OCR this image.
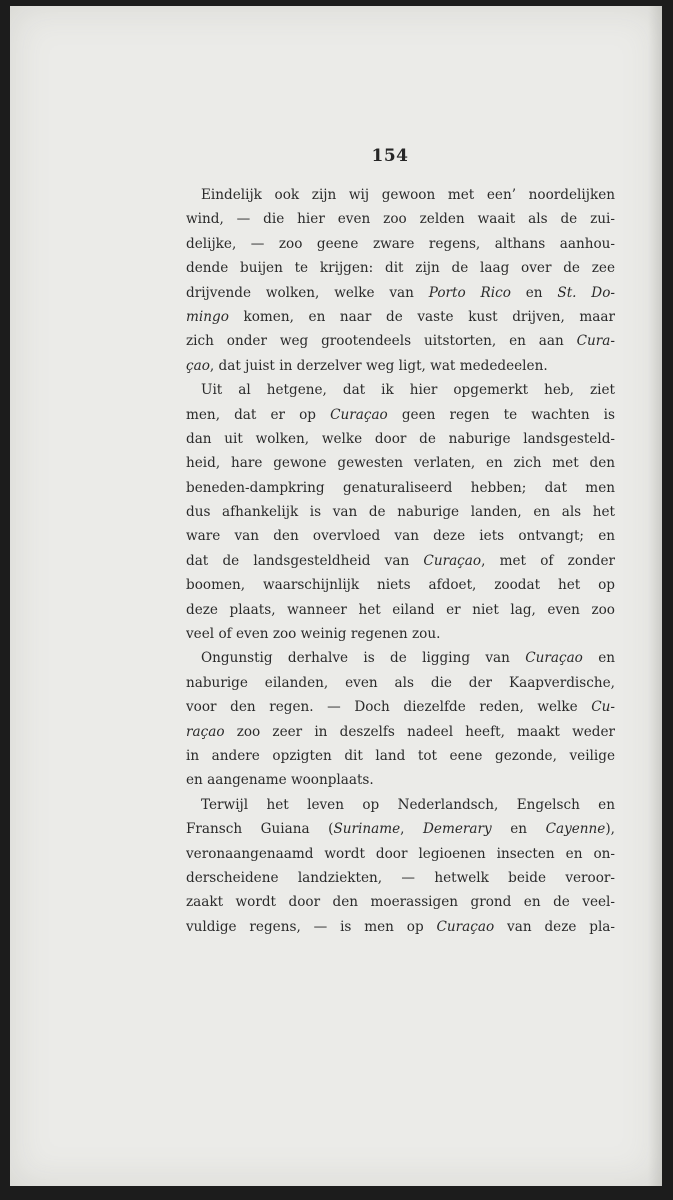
154
Eindelijk ook zijn wij gewoon met een’ noordelijken
wind, — die hier even zoo zelden waait als de zui-
delijke, — zoo geene zware regens, althans aanhou-
dende buijen te krijgen: dit zijn de laag over de zee
drijvende wolken, welke van Porto Rico en St. Do-
mingo komen, en naar de vaste kust drijven, maar
zich onder weg grootendeels uitstorten, en aan Cura-
çao, dat juist in derzelver weg ligt, wat mededeelen.
Uit al hetgene, dat ik hier opgemerkt heb, ziet
men, dat er op Curaçao geen regen te wachten is
dan uit wolken, welke door de naburige landsgesteld-
heid, hare gewone gewesten verlaten, en zich met den
beneden-dampkring genaturaliseerd hebben; dat men
dus afhankelijk is van de naburige landen, en als het
ware van den overvloed van deze iets ontvangt; en
dat de landsgesteldheid van Curaçao, met of zonder
boomen, waarschijnlijk niets afdoet, zoodat het op
deze plaats, wanneer het eiland er niet lag, even zoo
veel of even zoo weinig regenen zou.
Ongunstig derhalve is de ligging van Curaçao en
naburige eilanden, even als die der Kaapverdische,
voor den regen. — Doch diezelfde reden, welke Cu-
raçao zoo zeer in deszelfs nadeel heeft, maakt weder
in andere opzigten dit land tot eene gezonde, veilige
en aangename woonplaats.
Terwijl het leven op Nederlandsch, Engelsch en
Fransch Guiana (Suriname, Demerary en Cayenne),
veronaangenaamd wordt door legioenen insecten en on-
derscheidene landziekten, — hetwelk beide veroor-
zaakt wordt door den moerassigen grond en de veel-
vuldige regens, — is men op Curaçao van deze pla-
